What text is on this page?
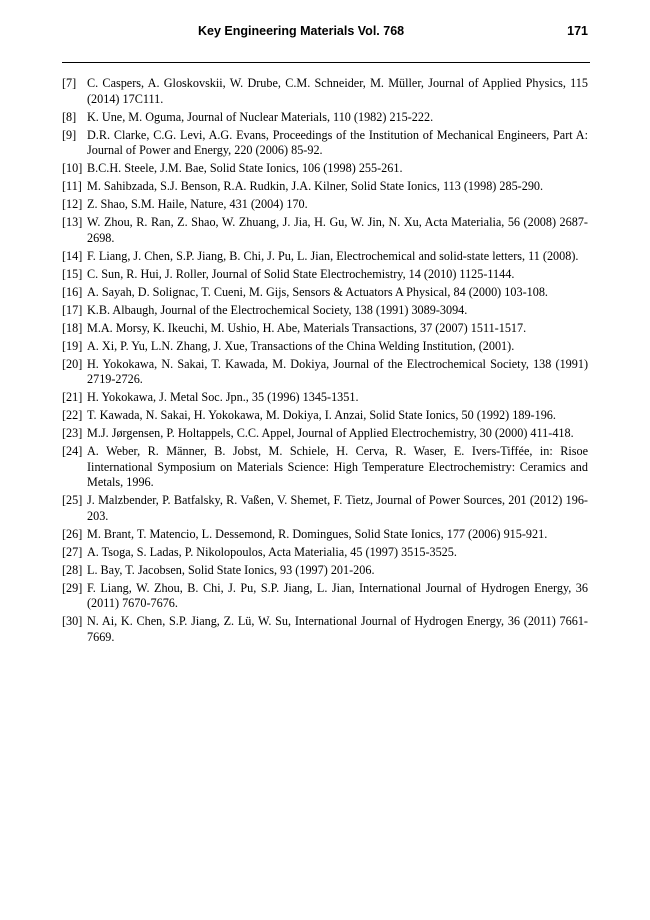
Key Engineering Materials Vol. 768	171
[7] C. Caspers, A. Gloskovskii, W. Drube, C.M. Schneider, M. Müller, Journal of Applied Physics, 115 (2014) 17C111.
[8] K. Une, M. Oguma, Journal of Nuclear Materials, 110 (1982) 215-222.
[9] D.R. Clarke, C.G. Levi, A.G. Evans, Proceedings of the Institution of Mechanical Engineers, Part A: Journal of Power and Energy, 220 (2006) 85-92.
[10] B.C.H. Steele, J.M. Bae, Solid State Ionics, 106 (1998) 255-261.
[11] M. Sahibzada, S.J. Benson, R.A. Rudkin, J.A. Kilner, Solid State Ionics, 113 (1998) 285-290.
[12] Z. Shao, S.M. Haile, Nature, 431 (2004) 170.
[13] W. Zhou, R. Ran, Z. Shao, W. Zhuang, J. Jia, H. Gu, W. Jin, N. Xu, Acta Materialia, 56 (2008) 2687-2698.
[14] F. Liang, J. Chen, S.P. Jiang, B. Chi, J. Pu, L. Jian, Electrochemical and solid-state letters, 11 (2008).
[15] C. Sun, R. Hui, J. Roller, Journal of Solid State Electrochemistry, 14 (2010) 1125-1144.
[16] A. Sayah, D. Solignac, T. Cueni, M. Gijs, Sensors & Actuators A Physical, 84 (2000) 103-108.
[17] K.B. Albaugh, Journal of the Electrochemical Society, 138 (1991) 3089-3094.
[18] M.A. Morsy, K. Ikeuchi, M. Ushio, H. Abe, Materials Transactions, 37 (2007) 1511-1517.
[19] A. Xi, P. Yu, L.N. Zhang, J. Xue, Transactions of the China Welding Institution, (2001).
[20] H. Yokokawa, N. Sakai, T. Kawada, M. Dokiya, Journal of the Electrochemical Society, 138 (1991) 2719-2726.
[21] H. Yokokawa, J. Metal Soc. Jpn., 35 (1996) 1345-1351.
[22] T. Kawada, N. Sakai, H. Yokokawa, M. Dokiya, I. Anzai, Solid State Ionics, 50 (1992) 189-196.
[23] M.J. Jørgensen, P. Holtappels, C.C. Appel, Journal of Applied Electrochemistry, 30 (2000) 411-418.
[24] A. Weber, R. Männer, B. Jobst, M. Schiele, H. Cerva, R. Waser, E. Ivers-Tiffée, in: Risoe Iinternational Symposium on Materials Science: High Temperature Electrochemistry: Ceramics and Metals, 1996.
[25] J. Malzbender, P. Batfalsky, R. Vaßen, V. Shemet, F. Tietz, Journal of Power Sources, 201 (2012) 196-203.
[26] M. Brant, T. Matencio, L. Dessemond, R. Domingues, Solid State Ionics, 177 (2006) 915-921.
[27] A. Tsoga, S. Ladas, P. Nikolopoulos, Acta Materialia, 45 (1997) 3515-3525.
[28] L. Bay, T. Jacobsen, Solid State Ionics, 93 (1997) 201-206.
[29] F. Liang, W. Zhou, B. Chi, J. Pu, S.P. Jiang, L. Jian, International Journal of Hydrogen Energy, 36 (2011) 7670-7676.
[30] N. Ai, K. Chen, S.P. Jiang, Z. Lü, W. Su, International Journal of Hydrogen Energy, 36 (2011) 7661-7669.
